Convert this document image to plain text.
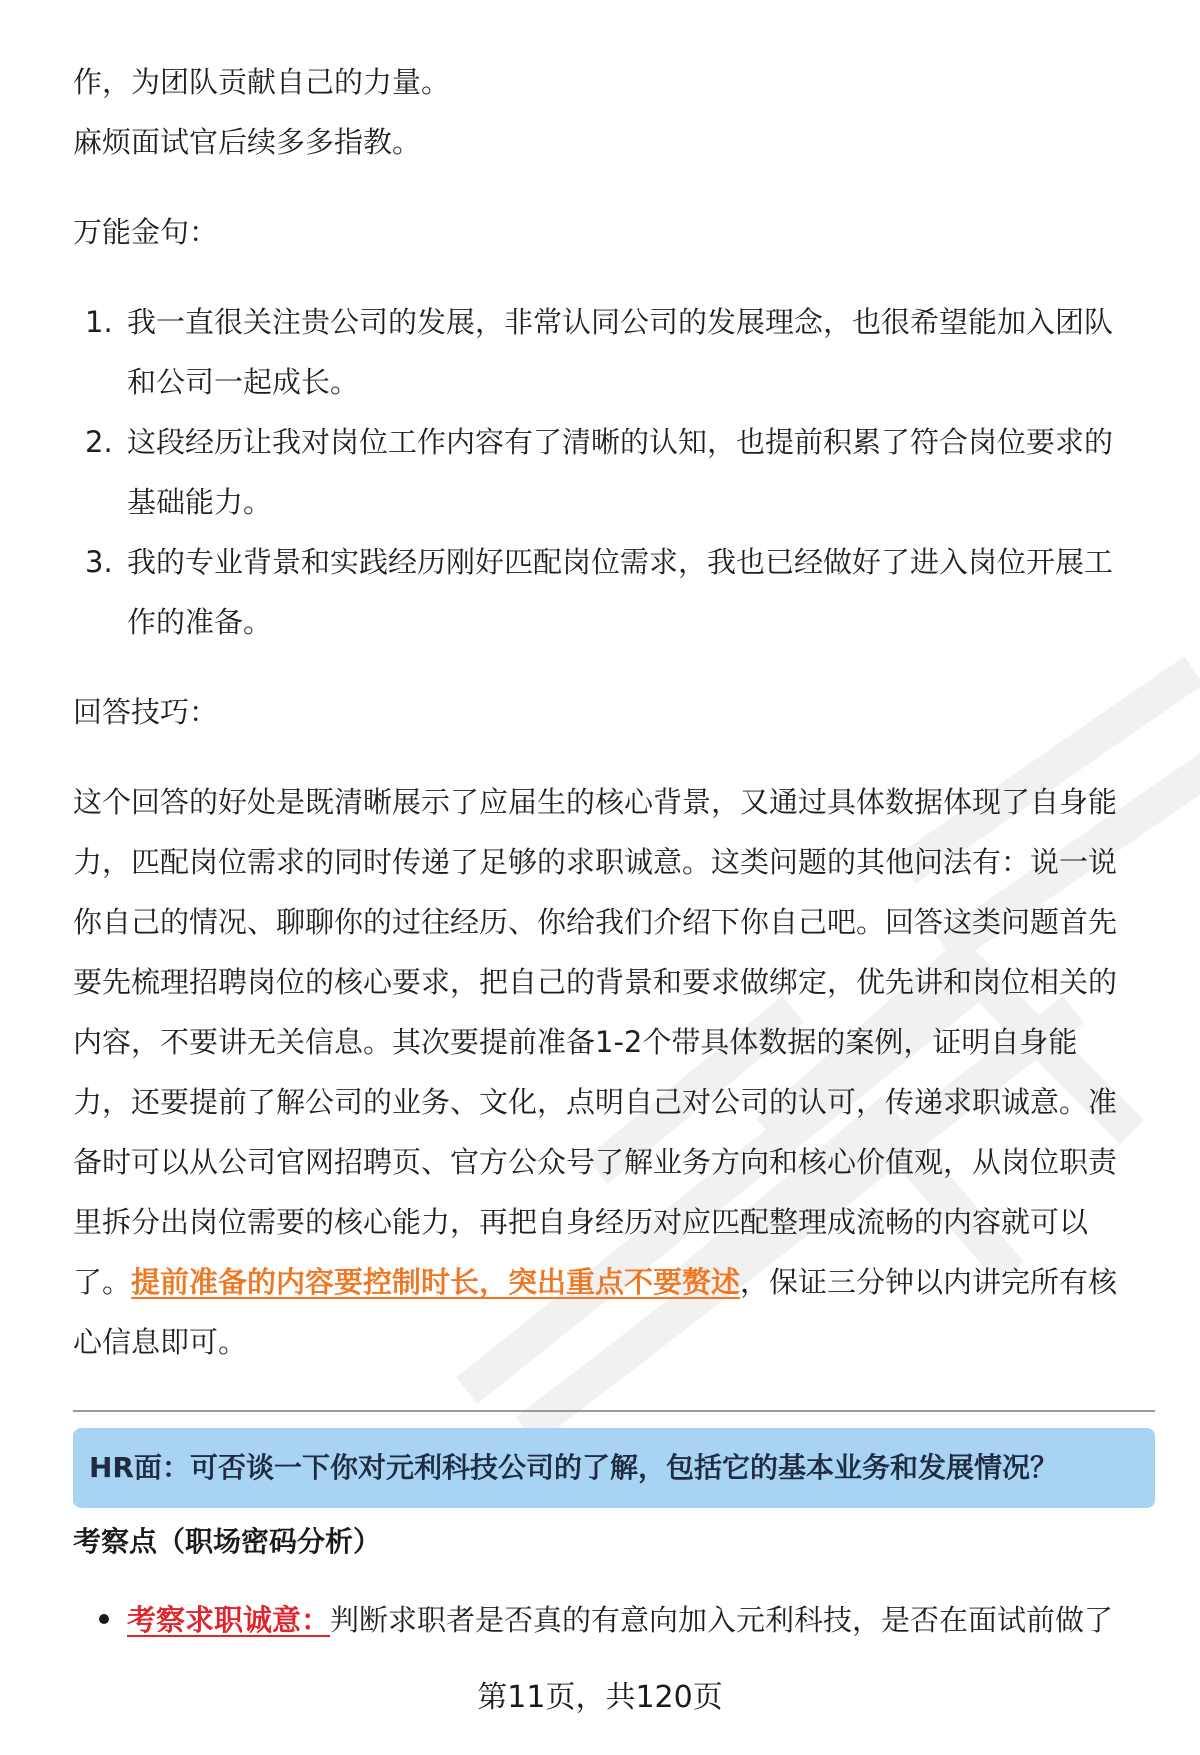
作，为团队贡献自己的力量。

麻烦面试官后续多多指教。

万能金句：

1. 我一直很关注贵公司的发展，非常认同公司的发展理念，也很希望能加入团队
和公司一起成长。
2. 这段经历让我对岗位工作内容有了清晰的认知，也提前积累了符合岗位要求的
基础能力。
3. 我的专业背景和实践经历刚好匹配岗位需求，我也已经做好了进入岗位开展工
作的准备。

回答技巧：

这个回答的好处是既清晰展示了应届生的核心背景，又通过具体数据体现了自身能

力，匹配岗位需求的同时传递了足够的求职诚意。这类问题的其他问法有：说一说

你自己的情况、聊聊你的过往经历、你给我们介绍下你自己吧。回答这类问题首先

要先梳理招聘岗位的核心要求，把自己的背景和要求做绑定，优先讲和岗位相关的

内容，不要讲无关信息。其次要提前准备1-2个带具体数据的案例，证明自身能

力，还要提前了解公司的业务、文化，点明自己对公司的认可，传递求职诚意。准

备时可以从公司官网招聘页、官方公众号了解业务方向和核心价值观，从岗位职责

里拆分出岗位需要的核心能力，再把自身经历对应匹配整理成流畅的内容就可以

了。提前准备的内容要控制时长，突出重点不要赘述，保证三分钟以内讲完所有核

心信息即可。

HR面：可否谈一下你对元利科技公司的了解，包括它的基本业务和发展情况？

考察点（职场密码分析）

考察求职诚意：判断求职者是否真的有意向加入元利科技，是否在面试前做了
第11页，共120页
